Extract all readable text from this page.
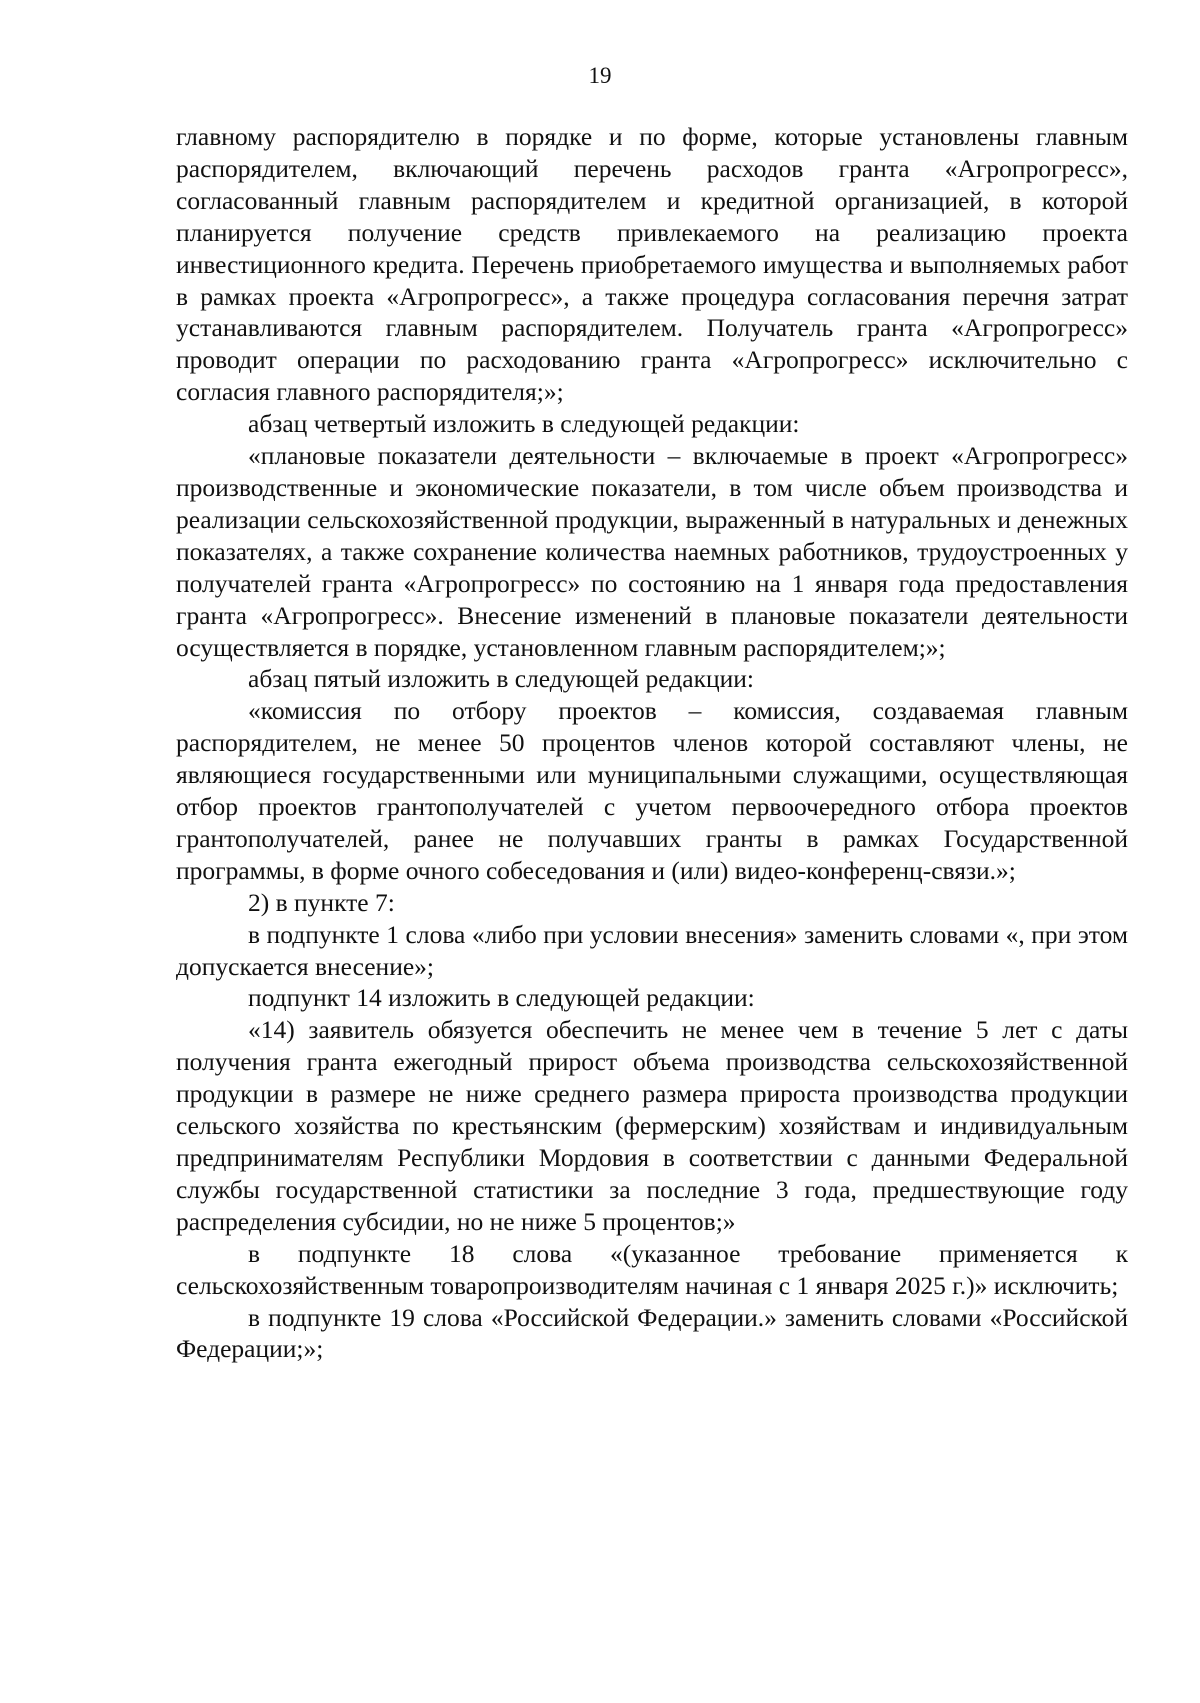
19

главному распорядителю в порядке и по форме, которые установлены главным распорядителем, включающий перечень расходов гранта «Агропрогресс», согласованный главным распорядителем и кредитной организацией, в которой планируется получение средств привлекаемого на реализацию проекта инвестиционного кредита. Перечень приобретаемого имущества и выполняемых работ в рамках проекта «Агропрогресс», а также процедура согласования перечня затрат устанавливаются главным распорядителем. Получатель гранта «Агропрогресс» проводит операции по расходованию гранта «Агропрогресс» исключительно с согласия главного распорядителя;»;

абзац четвертый изложить в следующей редакции:

«плановые показатели деятельности – включаемые в проект «Агропрогресс» производственные и экономические показатели, в том числе объем производства и реализации сельскохозяйственной продукции, выраженный в натуральных и денежных показателях, а также сохранение количества наемных работников, трудоустроенных у получателей гранта «Агропрогресс» по состоянию на 1 января года предоставления гранта «Агропрогресс». Внесение изменений в плановые показатели деятельности осуществляется в порядке, установленном главным распорядителем;»;

абзац пятый изложить в следующей редакции:

«комиссия по отбору проектов – комиссия, создаваемая главным распорядителем, не менее 50 процентов членов которой составляют члены, не являющиеся государственными или муниципальными служащими, осуществляющая отбор проектов грантополучателей с учетом первоочередного отбора проектов грантополучателей, ранее не получавших гранты в рамках Государственной программы, в форме очного собеседования и (или) видео-конференц-связи.»;

2) в пункте 7:

в подпункте 1 слова «либо при условии внесения» заменить словами «, при этом допускается внесение»;

подпункт 14 изложить в следующей редакции:

«14) заявитель обязуется обеспечить не менее чем в течение 5 лет с даты получения гранта ежегодный прирост объема производства сельскохозяйственной продукции в размере не ниже среднего размера прироста производства продукции сельского хозяйства по крестьянским (фермерским) хозяйствам и индивидуальным предпринимателям Республики Мордовия в соответствии с данными Федеральной службы государственной статистики за последние 3 года, предшествующие году распределения субсидии, но не ниже 5 процентов;»

в подпункте 18 слова «(указанное требование применяется к сельскохозяйственным товаропроизводителям начиная с 1 января 2025 г.)» исключить;

в подпункте 19 слова «Российской Федерации.» заменить словами «Российской Федерации;»;
